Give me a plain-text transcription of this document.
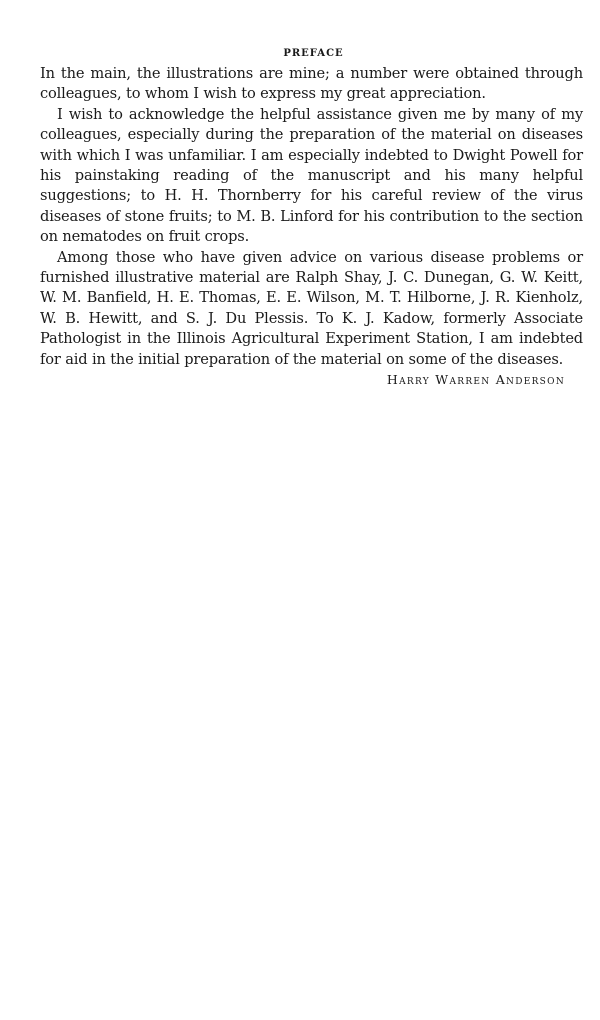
PREFACE

In the main, the illustrations are mine; a number were obtained through colleagues, to whom I wish to express my great appreciation.

I wish to acknowledge the helpful assistance given me by many of my colleagues, especially during the preparation of the material on diseases with which I was unfamiliar. I am especially indebted to Dwight Powell for his painstaking reading of the manuscript and his many helpful suggestions; to H. H. Thornberry for his careful review of the virus diseases of stone fruits; to M. B. Linford for his contribution to the section on nematodes on fruit crops.

Among those who have given advice on various disease problems or furnished illustrative material are Ralph Shay, J. C. Dunegan, G. W. Keitt, W. M. Banfield, H. E. Thomas, E. E. Wilson, M. T. Hilborne, J. R. Kienholz, W. B. Hewitt, and S. J. Du Plessis. To K. J. Kadow, formerly Associate Pathologist in the Illinois Agricultural Experiment Station, I am indebted for aid in the initial preparation of the material on some of the diseases.

Harry Warren Anderson
